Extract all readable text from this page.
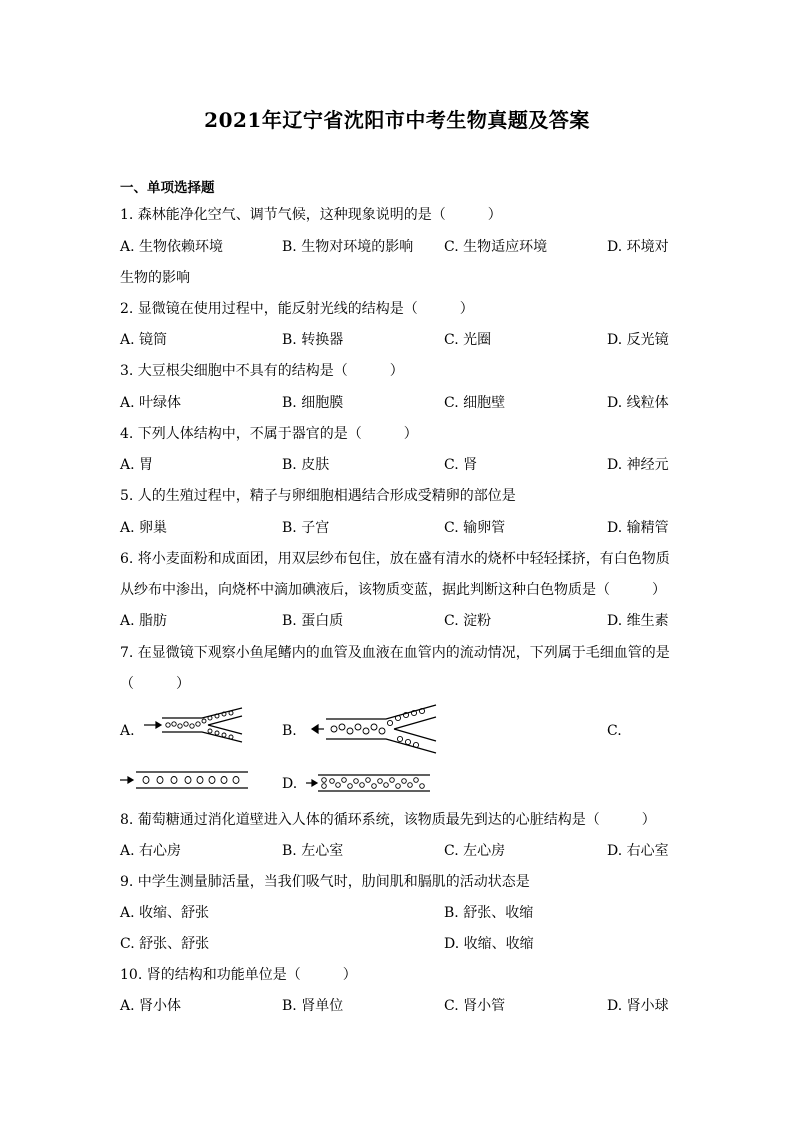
2021年辽宁省沈阳市中考生物真题及答案
一、单项选择题
1. 森林能净化空气、调节气候，这种现象说明的是（　　　）
A. 生物依赖环境	B. 生物对环境的影响 C. 生物适应环境	D. 环境对
生物的影响
2. 显微镜在使用过程中，能反射光线的结构是（　　　）
A. 镜筒	B. 转换器	C. 光圈	D. 反光镜
3. 大豆根尖细胞中不具有的结构是（　　　）
A. 叶绿体	B. 细胞膜	C. 细胞壁	D. 线粒体
4. 下列人体结构中，不属于器官的是（　　　）
A. 胃	B. 皮肤	C. 肾	D. 神经元
5. 人的生殖过程中，精子与卵细胞相遇结合形成受精卵的部位是
A. 卵巢	B. 子宫	C. 输卵管	D. 输精管
6. 将小麦面粉和成面团，用双层纱布包住，放在盛有清水的烧杯中轻轻揉挤，有白色物质
从纱布中渗出，向烧杯中滴加碘液后，该物质变蓝，据此判断这种白色物质是（　　　）
A. 脂肪	B. 蛋白质	C. 淀粉	D. 维生素
7. 在显微镜下观察小鱼尾鳍内的血管及血液在血管内的流动情况，下列属于毛细血管的是
（　　　）
A.	B.	C.
D.
8. 葡萄糖通过消化道壁进入人体的循环系统，该物质最先到达的心脏结构是（　　　）
A. 右心房	B. 左心室	C. 左心房	D. 右心室
9. 中学生测量肺活量，当我们吸气时，肋间肌和膈肌的活动状态是
A. 收缩、舒张	B. 舒张、收缩
C. 舒张、舒张	D. 收缩、收缩
10. 肾的结构和功能单位是（　　　）
A. 肾小体	B. 肾单位	C. 肾小管	D. 肾小球
